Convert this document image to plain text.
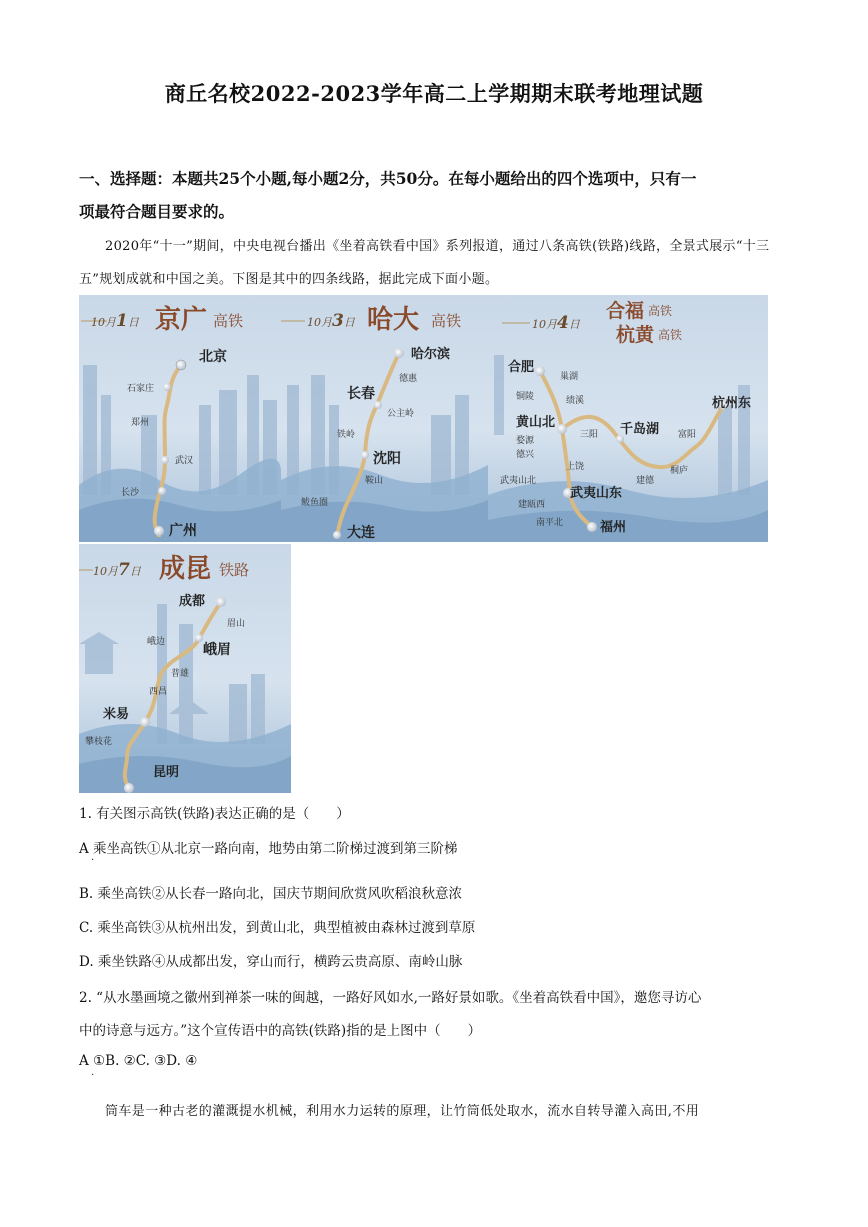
商丘名校2022-2023学年高二上学期期末联考地理试题
一、选择题：本题共25个小题,每小题2分，共50分。在每小题给出的四个选项中，只有一
项最符合题目要求的。
2020年“十一”期间，中央电视台播出《坐着高铁看中国》系列报道，通过八条高铁(铁路)线路，全景式展示“十三五”规划成就和中国之美。下图是其中的四条线路，据此完成下面小题。
10月1日 京广 高铁
北京
石家庄
郑州
武汉
长沙
广州
10月3日 哈大 高铁
哈尔滨
德惠
长春
公主岭
铁岭
沈阳
鞍山
鲅鱼圈
大连
10月4日
合福 高铁
杭黄 高铁
合肥
巢湖
铜陵	绩溪
黄山北
三阳 千岛湖 富阳
杭州东
婺源
德兴
上饶	桐庐
建德
武夷山北
武夷山东
建瓯西
南平北	福州
10月7日 成昆 铁路
成都
眉山
峨边	峨眉
普雄
西昌
米易
攀枝花
昆明
1. 有关图示高铁(铁路)表达正确的是（　　）
A 乘坐高铁①从北京一路向南，地势由第二阶梯过渡到第三阶梯
·
B. 乘坐高铁②从长春一路向北，国庆节期间欣赏风吹稻浪秋意浓
C. 乘坐高铁③从杭州出发，到黄山北，典型植被由森林过渡到草原
D. 乘坐铁路④从成都出发，穿山而行，横跨云贵高原、南岭山脉
2. “从水墨画境之徽州到禅茶一味的闽越，一路好风如水,一路好景如歌。《坐着高铁看中国》，邀您寻访心
中的诗意与远方。”这个宣传语中的高铁(铁路)指的是上图中（　　）
A ①B. ②C. ③D. ④
·
筒车是一种古老的灌溉提水机械，利用水力运转的原理，让竹筒低处取水，流水自转导灌入高田,不用
